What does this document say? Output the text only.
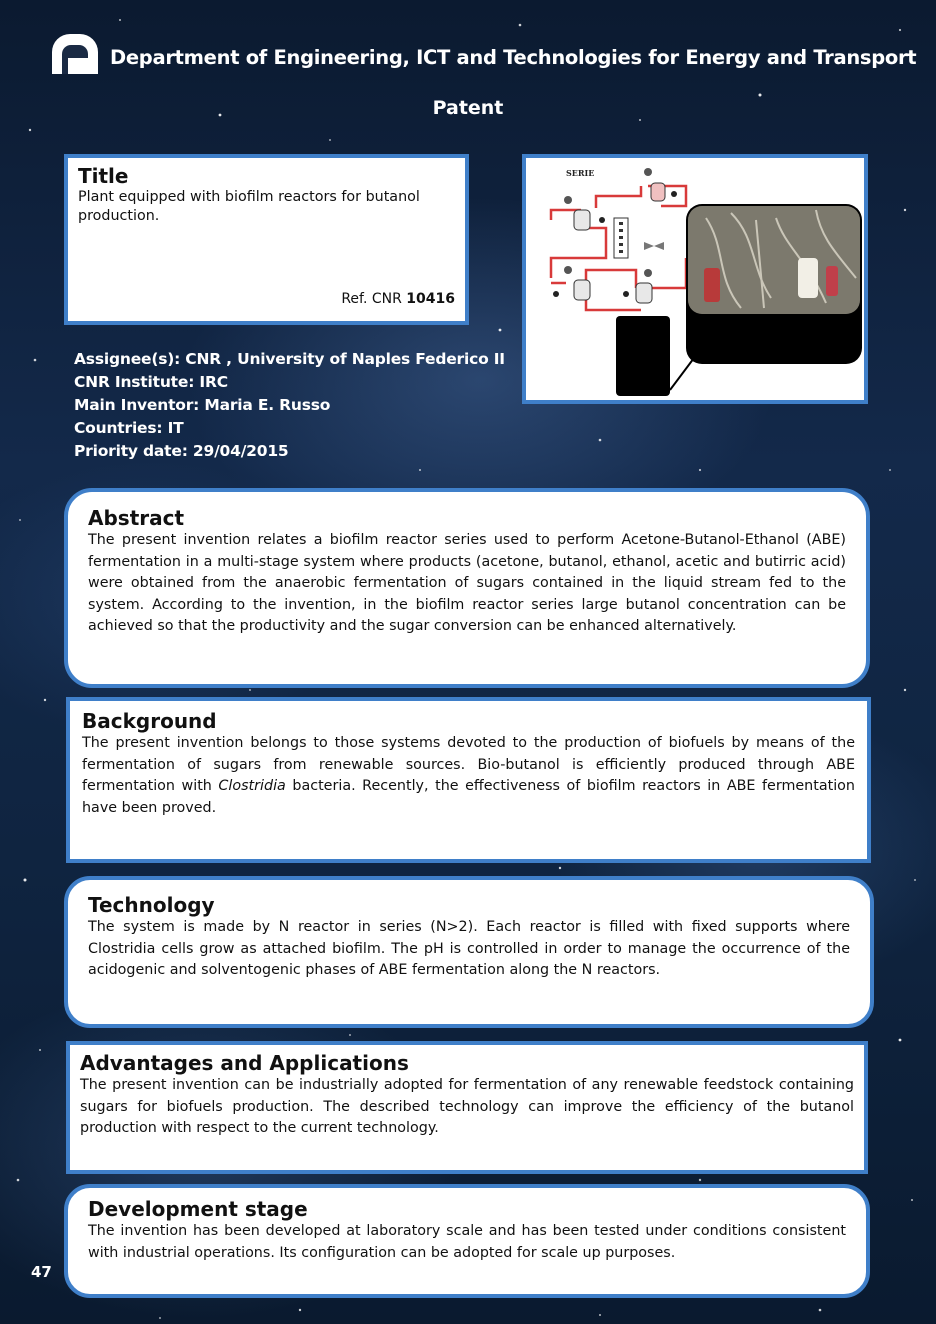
Department of Engineering, ICT and Technologies for Energy and Transport
Patent
Title

Plant equipped with biofilm reactors for butanol production.

Ref. CNR 10416
SERIE
Assignee(s): CNR , University of Naples Federico II
CNR Institute: IRC
Main Inventor: Maria E. Russo
Countries: IT
Priority date: 29/04/2015
Abstract

The present invention relates a biofilm reactor series used to perform Acetone-Butanol-Ethanol (ABE) fermentation in a multi-stage system where products (acetone, butanol, ethanol, acetic and butirric acid) were obtained from the anaerobic fermentation of sugars contained in the liquid stream fed to the system. According to the invention, in the biofilm reactor series large butanol concentration can be achieved so that the productivity and the sugar conversion can be enhanced alternatively.

Background

The present invention belongs to those systems devoted to the production of biofuels by means of the fermentation of sugars from renewable sources. Bio-butanol is efficiently produced through ABE fermentation with Clostridia bacteria. Recently, the effectiveness of biofilm reactors in ABE fermentation have been proved.

Technology

The system is made by N reactor in series (N>2). Each reactor is filled with fixed supports where Clostridia cells grow as attached biofilm. The pH is controlled in order to manage the occurrence of the acidogenic and solventogenic phases of ABE fermentation along the N reactors.

Advantages and Applications

The present invention can be industrially adopted for fermentation of any renewable feedstock containing sugars for biofuels production. The described technology can improve the efficiency of the butanol production with respect to the current technology.

Development stage

The invention has been developed at laboratory scale and has been tested under conditions consistent with industrial operations. Its configuration can be adopted for scale up purposes.

47
